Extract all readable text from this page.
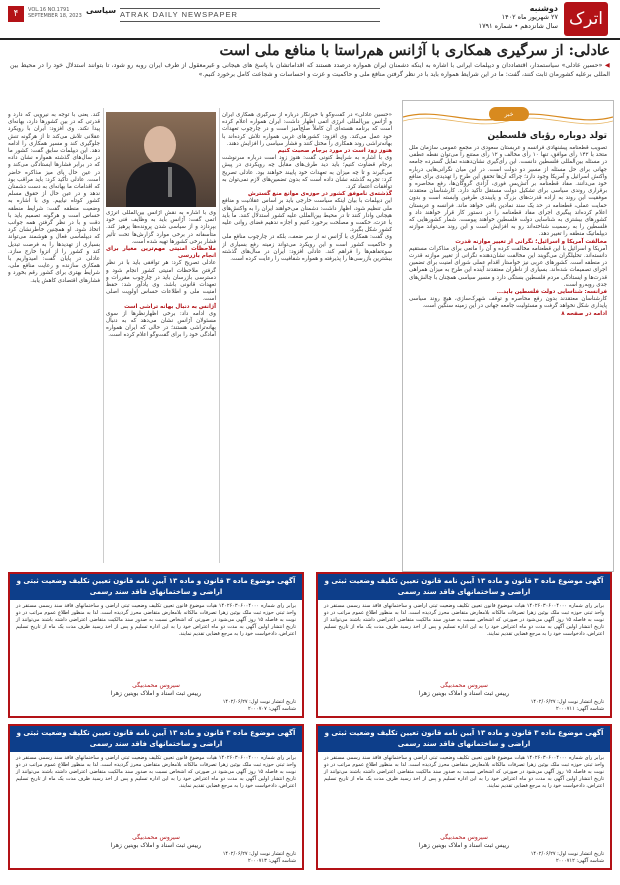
اترک
دوشنبه
۲۷ شهریور ماه ۱۴۰۲
سال شانزدهم • شماره ۱۷۹۱
ATRAK DAILY NEWSPAPER
۴	VOL.16 NO.1791
SEPTEMBER 18, 2023
سیاسی
عادلی: از سرگیری همکاری با آژانس هم‌راستا با منافع ملی است

◀ «حسین عادلی» سیاستمدار، اقتصاددان و دیپلمات ایرانی با اشاره به اینکه دشمنان ایران همواره درصدد هستند که اقداماتشان با پاسخ های هیجانی و غیرمعقول از طرف ایران روبه رو شود، تا بتوانند استدلال خود را در محیط بین المللی برعلیه کشورمان ثابت کنند، گفت: ما در این شرایط همواره باید با در نظر گرفتن منافع ملی و حاکمیت و عزت و احساسات و شجاعت کامل برخورد کنیم.»

خبر
تولد دوباره رؤیای فلسطین
تصویب قطعنامه پیشنهادی فرانسه و عربستان سعودی در مجمع عمومی سازمان ملل متحد با ۱۴۲ رأی موافق، تنها ۱۰ رأی مخالف و ۱۲ رأی ممتنع را می‌توان نقطه عطفی در مسئله بین‌المللی فلسطین دانست. این رأی‌گیری نشان‌دهنده تمایل گسترده جامعه جهانی برای حل مسئله از مسیر دو دولت است. در این میان نگرانی‌هایی درباره واکنش اسرائیل و آمریکا وجود دارد؛ چراکه آن‌ها تحقق این طرح را تهدیدی برای منافع خود می‌دانند. مفاد قطعنامه بر آتش‌بس فوری، آزادی گروگان‌ها، رفع محاصره و برقراری روندی سیاسی برای تشکیل دولت مستقل تأکید دارد. کارشناسان معتقدند موفقیت این روند به اراده قدرت‌های بزرگ و پایبندی طرفین وابسته است و بدون حمایت عملی، قطعنامه در حد یک سند نمادین باقی خواهد ماند. فرانسه و عربستان اعلام کرده‌اند پیگیری اجرای مفاد قطعنامه را در دستور کار قرار خواهند داد و کشورهای بیشتری به شناسایی دولت فلسطین خواهند پیوست. شمار کشورهایی که فلسطین را به رسمیت شناخته‌اند رو به افزایش است و این روند می‌تواند موازنه دیپلماتیک منطقه را تغییر دهد.
مخالفت آمریکا و اسرائیل؛ نگرانی از تغییر موازنه قدرت
آمریکا و اسرائیل با این قطعنامه مخالفت کرده و آن را مانعی برای مذاکرات مستقیم دانسته‌اند. تحلیلگران می‌گویند این مخالفت نشان‌دهنده نگرانی از تغییر موازنه قدرت در منطقه است. کشورهای عربی نیز خواستار اقدام عملی شورای امنیت برای تضمین اجرای تصمیمات شده‌اند. بسیاری از ناظران معتقدند آینده این طرح به میزان همراهی قدرت‌ها و ایستادگی مردم فلسطین بستگی دارد و مسیر سیاسی همچنان با چالش‌های جدی روبه‌رو است.
فرانسه: شناسایی دولت فلسطین باید...
کارشناسان معتقدند بدون رفع محاصره و توقف شهرک‌سازی، هیچ روند سیاسی پایداری شکل نخواهد گرفت و مسئولیت جامعه جهانی در این زمینه سنگین است.
ادامه در صفحه ۸
«حسین عادلی» در گفت‌وگو با خبرنگار درباره از سرگیری همکاری ایران و آژانس بین‌المللی انرژی اتمی اظهار داشت: ایران همواره اعلام کرده است که برنامه هسته‌ای آن کاملاً صلح‌آمیز است و در چارچوب تعهدات خود عمل می‌کند. وی افزود: کشورهای غربی همواره تلاش کرده‌اند با بهانه‌تراشی روند همکاری را مختل کنند و فشار سیاسی را افزایش دهند.
هنوز زود است در مورد برجام صحبت کنیم
وی با اشاره به شرایط کنونی گفت: هنوز زود است درباره سرنوشت برجام قضاوت کنیم؛ باید دید طرف‌های مقابل چه رویکردی در پیش می‌گیرند و تا چه میزان به تعهدات خود پایبند خواهند بود. عادلی تصریح کرد: تجربه گذشته نشان داده است که بدون تضمین‌های لازم نمی‌توان به توافقات اعتماد کرد.
گذشته‌ی ناموفق کشور در حوزه‌ی موانع منع گسترش
این دیپلمات با بیان اینکه سیاست خارجی باید بر اساس عقلانیت و منافع ملی تنظیم شود، اظهار داشت: دشمنان می‌خواهند ایران را به واکنش‌های هیجانی وادار کنند تا در محیط بین‌المللی علیه کشور استدلال کنند. ما باید با عزت، حکمت و مصلحت برخورد کنیم و اجازه ندهیم فضای روانی علیه کشور شکل بگیرد.
وی گفت: همکاری با آژانس نه از سر ضعف، بلکه در چارچوب منافع ملی و حاکمیت کشور است و این رویکرد می‌تواند زمینه رفع بسیاری از سوءتفاهم‌ها را فراهم کند. عادلی افزود: ایران در سال‌های گذشته بیشترین بازرسی‌ها را پذیرفته و همواره شفافیت را رعایت کرده است.
وی با اشاره به نقش آژانس بین‌المللی انرژی اتمی گفت: آژانس باید به وظایف فنی خود بپردازد و از سیاسی شدن پرونده‌ها پرهیز کند. متأسفانه در برخی موارد گزارش‌ها تحت تأثیر فشار برخی کشورها تهیه شده است.
ملاحظات امنیتی مهم‌ترین معیار برای انجام بازرسی
عادلی تصریح کرد: هر توافقی باید با در نظر گرفتن ملاحظات امنیتی کشور انجام شود و دسترسی بازرسان باید در چارچوب مقررات و تعهدات قانونی باشد. وی یادآور شد: حفظ امنیت ملی و اطلاعات حساس اولویت اصلی است.
آژانس به دنبال بهانه تراشی است
وی ادامه داد: برخی اظهارنظرها از سوی مسئولان آژانس نشان می‌دهد که به دنبال بهانه‌تراشی هستند؛ در حالی که ایران همواره آمادگی خود را برای گفت‌وگو اعلام کرده است.
کند. یعنی با توجه به نیرویی که دارد و قدرتی که در بین کشورها دارد، بهانه‌ای پیدا نکند. وی افزود: ایران با رویکرد عقلانی تلاش می‌کند تا از هرگونه تنش جلوگیری کند و مسیر همکاری را ادامه دهد. این دیپلمات سابق گفت: کشور ما در سال‌های گذشته همواره نشان داده که در برابر فشارها ایستادگی می‌کند و در عین حال پای میز مذاکره حاضر است. عادلی تأکید کرد: باید مراقب بود که اقدامات ما بهانه‌ای به دست دشمنان ندهد و در عین حال از حقوق مسلم کشور کوتاه نیاییم. وی با اشاره به وضعیت منطقه گفت: شرایط منطقه حساس است و هرگونه تصمیم باید با دقت و با در نظر گرفتن همه جوانب اتخاذ شود. او همچنین خاطرنشان کرد که دیپلماسی فعال و هوشمند می‌تواند بسیاری از تهدیدها را به فرصت تبدیل کند و کشور را از انزوا خارج سازد. عادلی در پایان گفت: امیدواریم با همکاری سازنده و رعایت منافع ملی، شرایط بهتری برای کشور رقم بخورد و فشارهای اقتصادی کاهش یابد.
آگهی موضوع ماده ۳ قانون و ماده ۱۳ آیین نامه قانون تعیین تکلیف وضعیت ثبتی و اراضی و ساختمانهای فاقد سند رسمی
برابر رای شماره ۱۴۰۲۶۰۳۰۶۰۰۴۰۰۰ هیات موضوع قانون تعیین تکلیف وضعیت ثبتی اراضی و ساختمانهای فاقد سند رسمی مستقر در واحد ثبتی حوزه ثبت ملک بوئین زهرا تصرفات مالکانه بلامعارض متقاضی محرز گردیده است. لذا به منظور اطلاع عموم مراتب در دو نوبت به فاصله ۱۵ روز آگهی می‌شود در صورتی که اشخاص نسبت به صدور سند مالکیت متقاضی اعتراضی داشته باشند می‌توانند از تاریخ انتشار اولین آگهی به مدت دو ماه اعتراض خود را به این اداره تسلیم و پس از اخذ رسید ظرف مدت یک ماه از تاریخ تسلیم اعتراض، دادخواست خود را به مرجع قضایی تقدیم نمایند.
سیروس محمدبیگی
رییس ثبت اسناد و املاک بوینین زهرا
تاریخ انتشار نوبت اول: ۱۴۰۲/۰۶/۲۷
شناسه آگهی: ۲۰۰۰۷۱۱
آگهی موضوع ماده ۳ قانون و ماده ۱۳ آیین نامه قانون تعیین تکلیف وضعیت ثبتی و اراضی و ساختمانهای فاقد سند رسمی
برابر رای شماره ۱۴۰۲۶۰۳۰۶۰۰۴۰۰۰ هیات موضوع قانون تعیین تکلیف وضعیت ثبتی اراضی و ساختمانهای فاقد سند رسمی مستقر در واحد ثبتی حوزه ثبت ملک بوئین زهرا تصرفات مالکانه بلامعارض متقاضی محرز گردیده است. لذا به منظور اطلاع عموم مراتب در دو نوبت به فاصله ۱۵ روز آگهی می‌شود در صورتی که اشخاص نسبت به صدور سند مالکیت متقاضی اعتراضی داشته باشند می‌توانند از تاریخ انتشار اولین آگهی به مدت دو ماه اعتراض خود را به این اداره تسلیم و پس از اخذ رسید ظرف مدت یک ماه از تاریخ تسلیم اعتراض، دادخواست خود را به مرجع قضایی تقدیم نمایند.
سیروس محمدبیگی
رییس ثبت اسناد و املاک بوینین زهرا
تاریخ انتشار نوبت اول: ۱۴۰۲/۰۶/۲۷
شناسه آگهی: ۲۰۰۰۷۰۷
آگهی موضوع ماده ۳ قانون و ماده ۱۳ آیین نامه قانون تعیین تکلیف وضعیت ثبتی و اراضی و ساختمانهای فاقد سند رسمی
برابر رای شماره ۱۴۰۲۶۰۳۰۶۰۰۴۰۰۰ هیات موضوع قانون تعیین تکلیف وضعیت ثبتی اراضی و ساختمانهای فاقد سند رسمی مستقر در واحد ثبتی حوزه ثبت ملک بوئین زهرا تصرفات مالکانه بلامعارض متقاضی محرز گردیده است. لذا به منظور اطلاع عموم مراتب در دو نوبت به فاصله ۱۵ روز آگهی می‌شود در صورتی که اشخاص نسبت به صدور سند مالکیت متقاضی اعتراضی داشته باشند می‌توانند از تاریخ انتشار اولین آگهی به مدت دو ماه اعتراض خود را به این اداره تسلیم و پس از اخذ رسید ظرف مدت یک ماه از تاریخ تسلیم اعتراض، دادخواست خود را به مرجع قضایی تقدیم نمایند.
سیروس محمدبیگی
رییس ثبت اسناد و املاک بوینین زهرا
تاریخ انتشار نوبت اول: ۱۴۰۲/۰۶/۲۷
شناسه آگهی: ۲۰۰۰۷۱۲
آگهی موضوع ماده ۳ قانون و ماده ۱۳ آیین نامه قانون تعیین تکلیف وضعیت ثبتی و اراضی و ساختمانهای فاقد سند رسمی
برابر رای شماره ۱۴۰۲۶۰۳۰۶۰۰۴۰۰۰ هیات موضوع قانون تعیین تکلیف وضعیت ثبتی اراضی و ساختمانهای فاقد سند رسمی مستقر در واحد ثبتی حوزه ثبت ملک بوئین زهرا تصرفات مالکانه بلامعارض متقاضی محرز گردیده است. لذا به منظور اطلاع عموم مراتب در دو نوبت به فاصله ۱۵ روز آگهی می‌شود در صورتی که اشخاص نسبت به صدور سند مالکیت متقاضی اعتراضی داشته باشند می‌توانند از تاریخ انتشار اولین آگهی به مدت دو ماه اعتراض خود را به این اداره تسلیم و پس از اخذ رسید ظرف مدت یک ماه از تاریخ تسلیم اعتراض، دادخواست خود را به مرجع قضایی تقدیم نمایند.
سیروس محمدبیگی
رییس ثبت اسناد و املاک بوینین زهرا
تاریخ انتشار نوبت اول: ۱۴۰۲/۰۶/۲۷
شناسه آگهی: ۲۰۰۰۷۱۳
